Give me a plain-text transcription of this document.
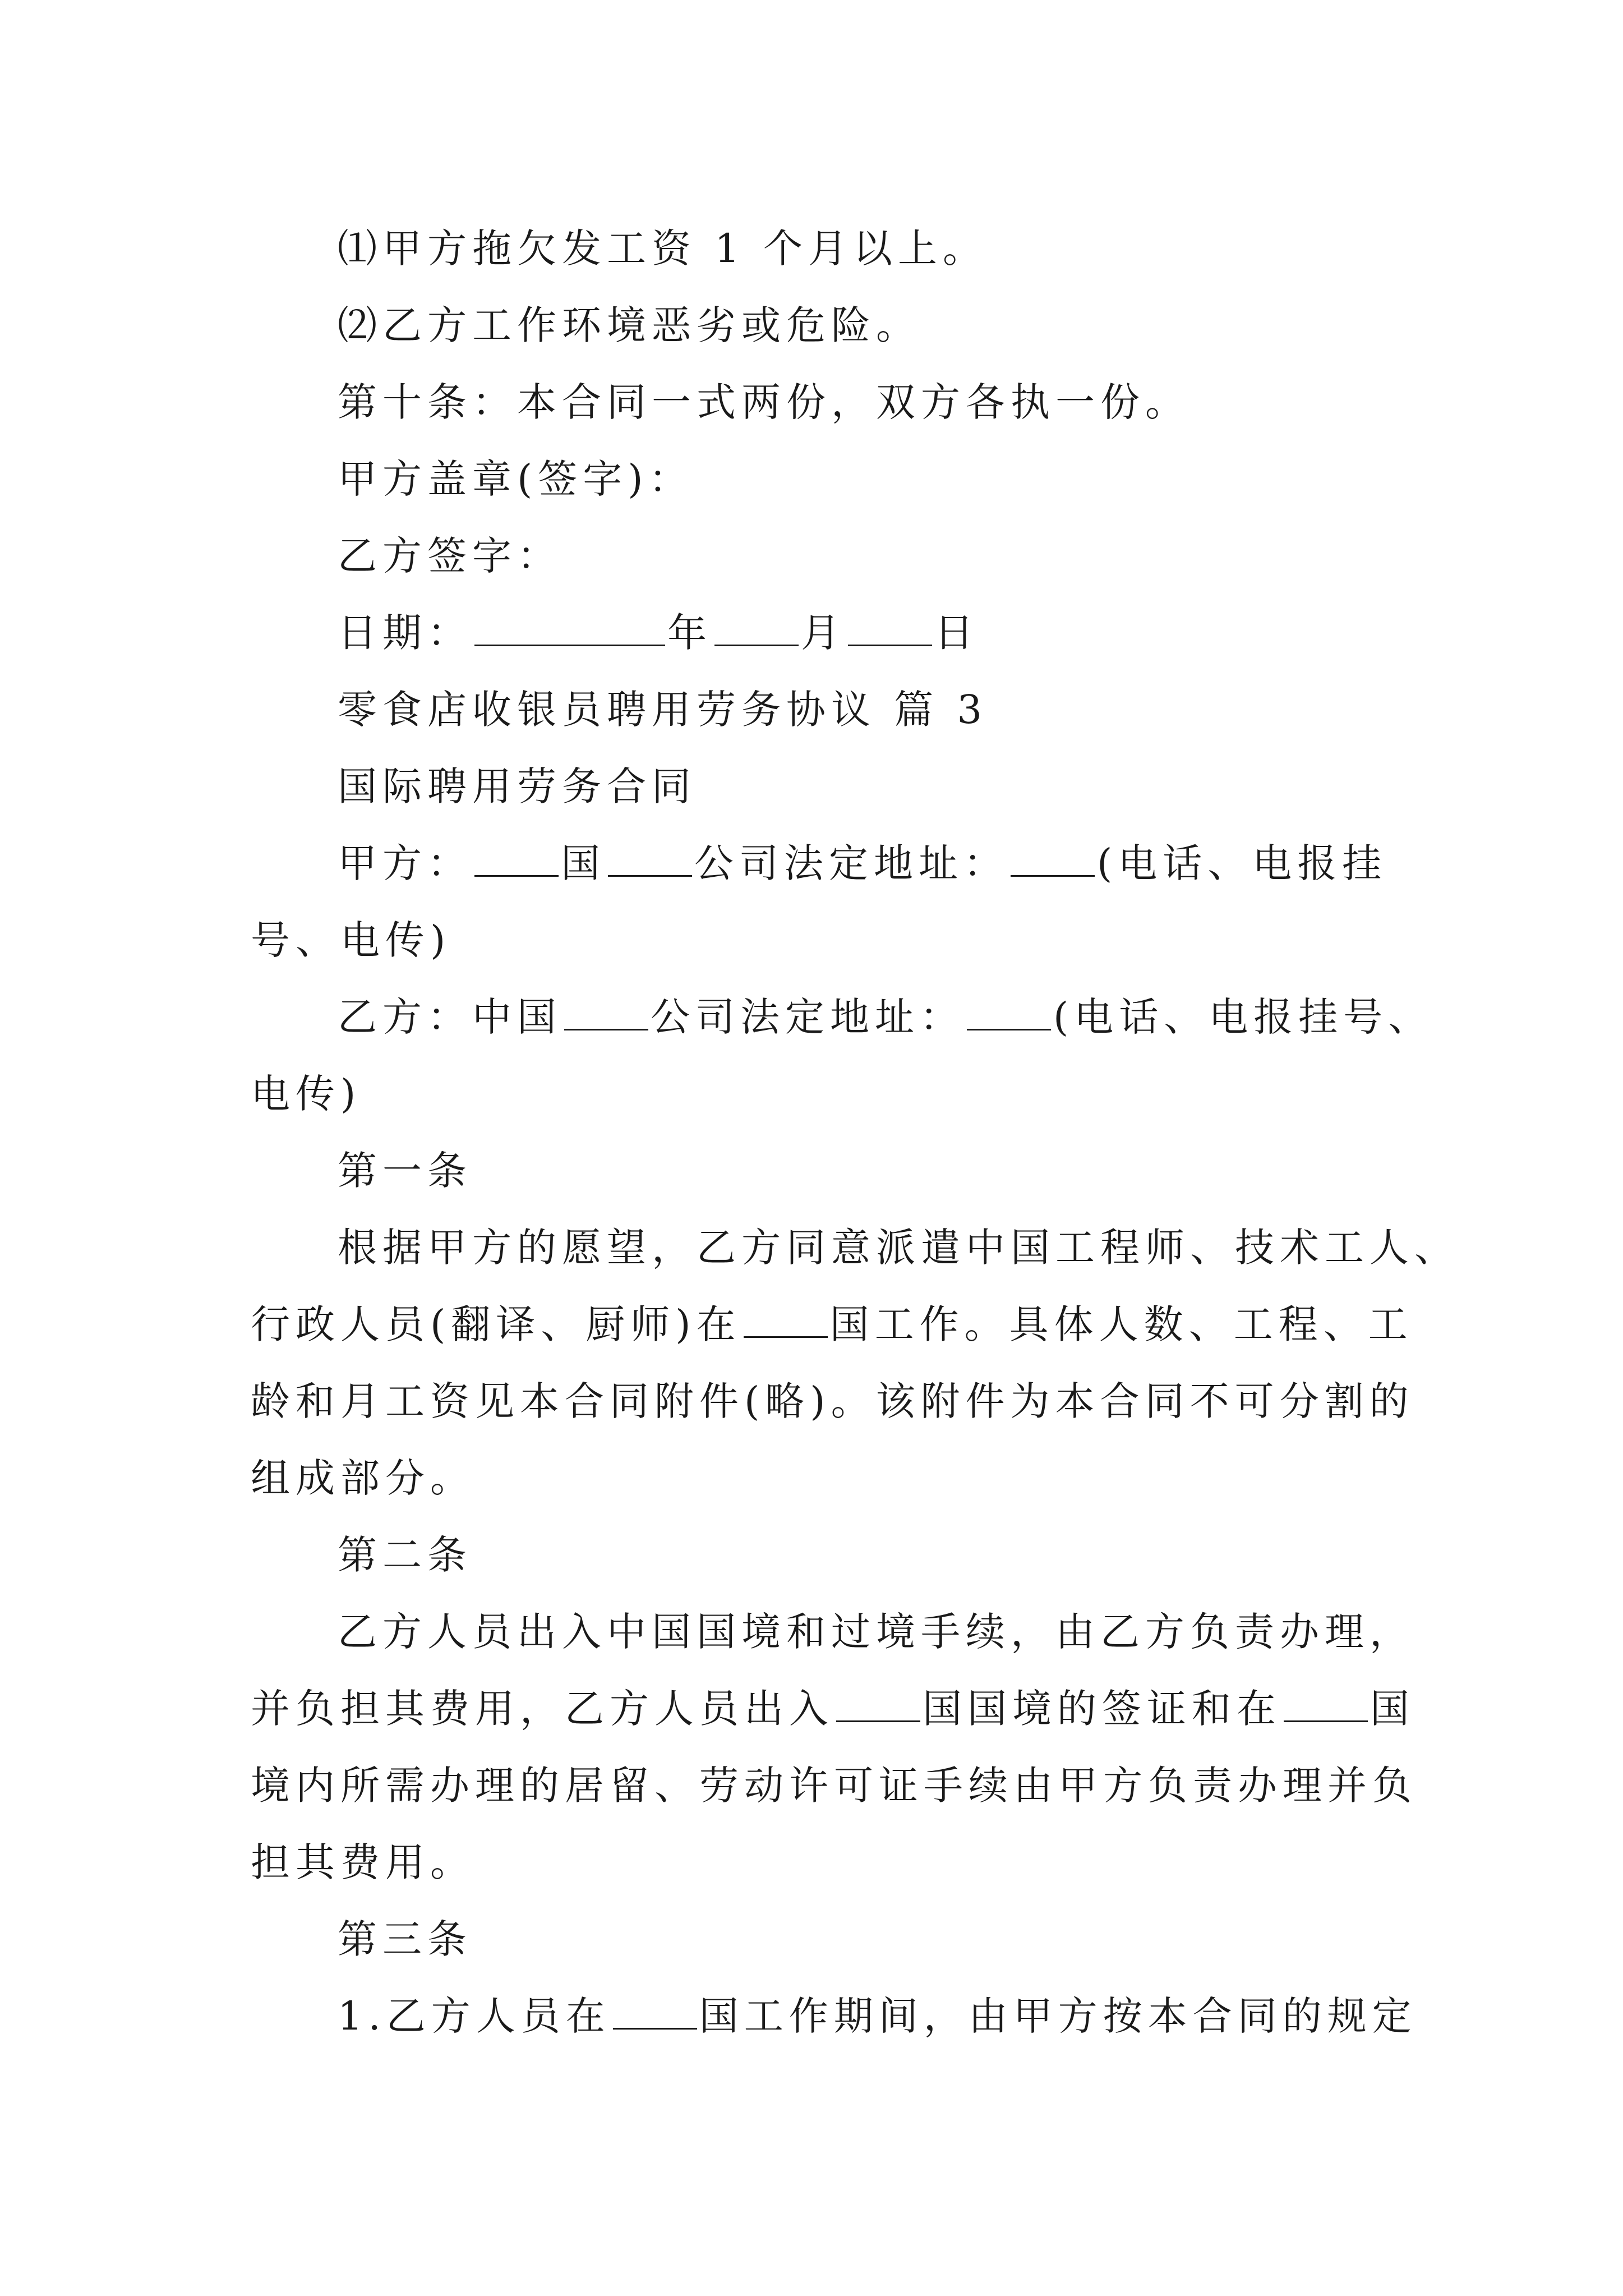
⑴甲方拖欠发工资 1 个月以上。
⑵乙方工作环境恶劣或危险。
第十条：本合同一式两份，双方各执一份。
甲方盖章(签字)：
乙方签字：
日期：	年 月 日
零食店收银员聘用劳务协议 篇 3
国际聘用劳务合同
甲方： 国 公司法定地址： (电话、电报挂
号、电传)
乙方：中国 公司法定地址： (电话、电报挂号、
电传)
第一条
根据甲方的愿望，乙方同意派遣中国工程师、技术工人、
行政人员(翻译、厨师)在 国工作。具体人数、工程、工
龄和月工资见本合同附件(略)。该附件为本合同不可分割的
组成部分。
第二条
乙方人员出入中国国境和过境手续，由乙方负责办理，
并负担其费用，乙方人员出入 国国境的签证和在 国
境内所需办理的居留、劳动许可证手续由甲方负责办理并负
担其费用。
第三条
1.乙方人员在 国工作期间，由甲方按本合同的规定
